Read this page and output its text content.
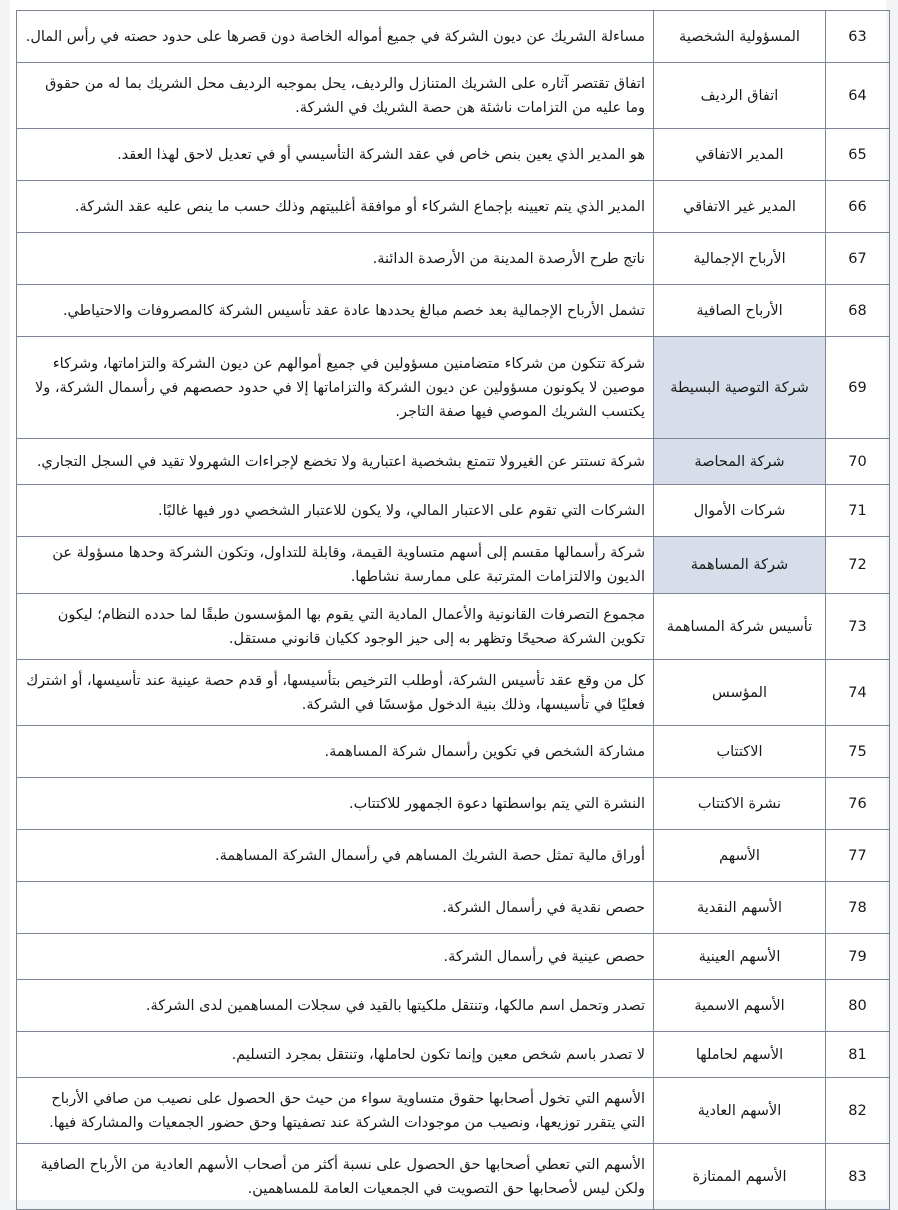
63	المسؤولية الشخصية	مساءلة الشريك عن ديون الشركة في جميع أمواله الخاصة دون قصرها على حدود حصته في رأس المال.
64	اتفاق الرديف	اتفاق تقتصر آثاره على الشريك المتنازل والرديف، يحل بموجبه الرديف محل الشريك بما له من حقوق وما عليه من التزامات ناشئة هن حصة الشريك في الشركة.
65	المدير الاتفاقي	هو المدير الذي يعين بنص خاص في عقد الشركة التأسيسي أو في تعديل لاحق لهذا العقد.
66	المدير غير الاتفاقي	المدير الذي يتم تعيينه بإجماع الشركاء أو موافقة أغلبيتهم وذلك حسب ما ينص عليه عقد الشركة.
67	الأرباح الإجمالية	ناتج طرح الأرصدة المدينة من الأرصدة الدائنة.
68	الأرباح الصافية	تشمل الأرباح الإجمالية بعد خصم مبالغ يحددها عادة عقد تأسيس الشركة كالمصروفات والاحتياطي.
69	شركة التوصية البسيطة	شركة تتكون من شركاء متضامنين مسؤولين في جميع أموالهم عن ديون الشركة والتزاماتها، وشركاء موصين لا يكونون مسؤولين عن ديون الشركة والتزاماتها إلا في حدود حصصهم في رأسمال الشركة، ولا يكتسب الشريك الموصي فيها صفة التاجر.
70	شركة المحاصة	شركة تستتر عن الغيرولا تتمتع بشخصية اعتبارية ولا تخضع لإجراءات الشهرولا تقيد في السجل التجاري.
71	شركات الأموال	الشركات التي تقوم على الاعتبار المالي، ولا يكون للاعتبار الشخصي دور فيها غالبًا.
72	شركة المساهمة	شركة رأسمالها مقسم إلى أسهم متساوية القيمة، وقابلة للتداول، وتكون الشركة وحدها مسؤولة عن الديون والالتزامات المترتبة على ممارسة نشاطها.
73	تأسيس شركة المساهمة	مجموع التصرفات القانونية والأعمال المادية التي يقوم بها المؤسسون طبقًا لما حدده النظام؛ ليكون تكوين الشركة صحيحًا وتظهر به إلى حيز الوجود ككيان قانوني مستقل.
74	المؤسس	كل من وقع عقد تأسيس الشركة، أوطلب الترخيص بتأسيسها، أو قدم حصة عينية عند تأسيسها، أو اشترك فعليًا في تأسيسها، وذلك بنية الدخول مؤسسًا في الشركة.
75	الاكتتاب	مشاركة الشخص في تكوين رأسمال شركة المساهمة.
76	نشرة الاكتتاب	النشرة التي يتم بواسطتها دعوة الجمهور للاكتتاب.
77	الأسهم	أوراق مالية تمثل حصة الشريك المساهم في رأسمال الشركة المساهمة.
78	الأسهم النقدية	حصص نقدية في رأسمال الشركة.
79	الأسهم العينية	حصص عينية في رأسمال الشركة.
80	الأسهم الاسمية	تصدر وتحمل اسم مالكها، وتنتقل ملكيتها بالقيد في سجلات المساهمين لدى الشركة.
81	الأسهم لحاملها	لا تصدر باسم شخص معين وإنما تكون لحاملها، وتنتقل بمجرد التسليم.
82	الأسهم العادية	الأسهم التي تخول أصحابها حقوق متساوية سواء من حيث حق الحصول على نصيب من صافي الأرباح التي يتقرر توزيعها، ونصيب من موجودات الشركة عند تصفيتها وحق حضور الجمعيات والمشاركة فيها.
83	الأسهم الممتازة	الأسهم التي تعطي أصحابها حق الحصول على نسبة أكثر من أصحاب الأسهم العادية من الأرباح الصافية ولكن ليس لأصحابها حق التصويت في الجمعيات العامة للمساهمين.
